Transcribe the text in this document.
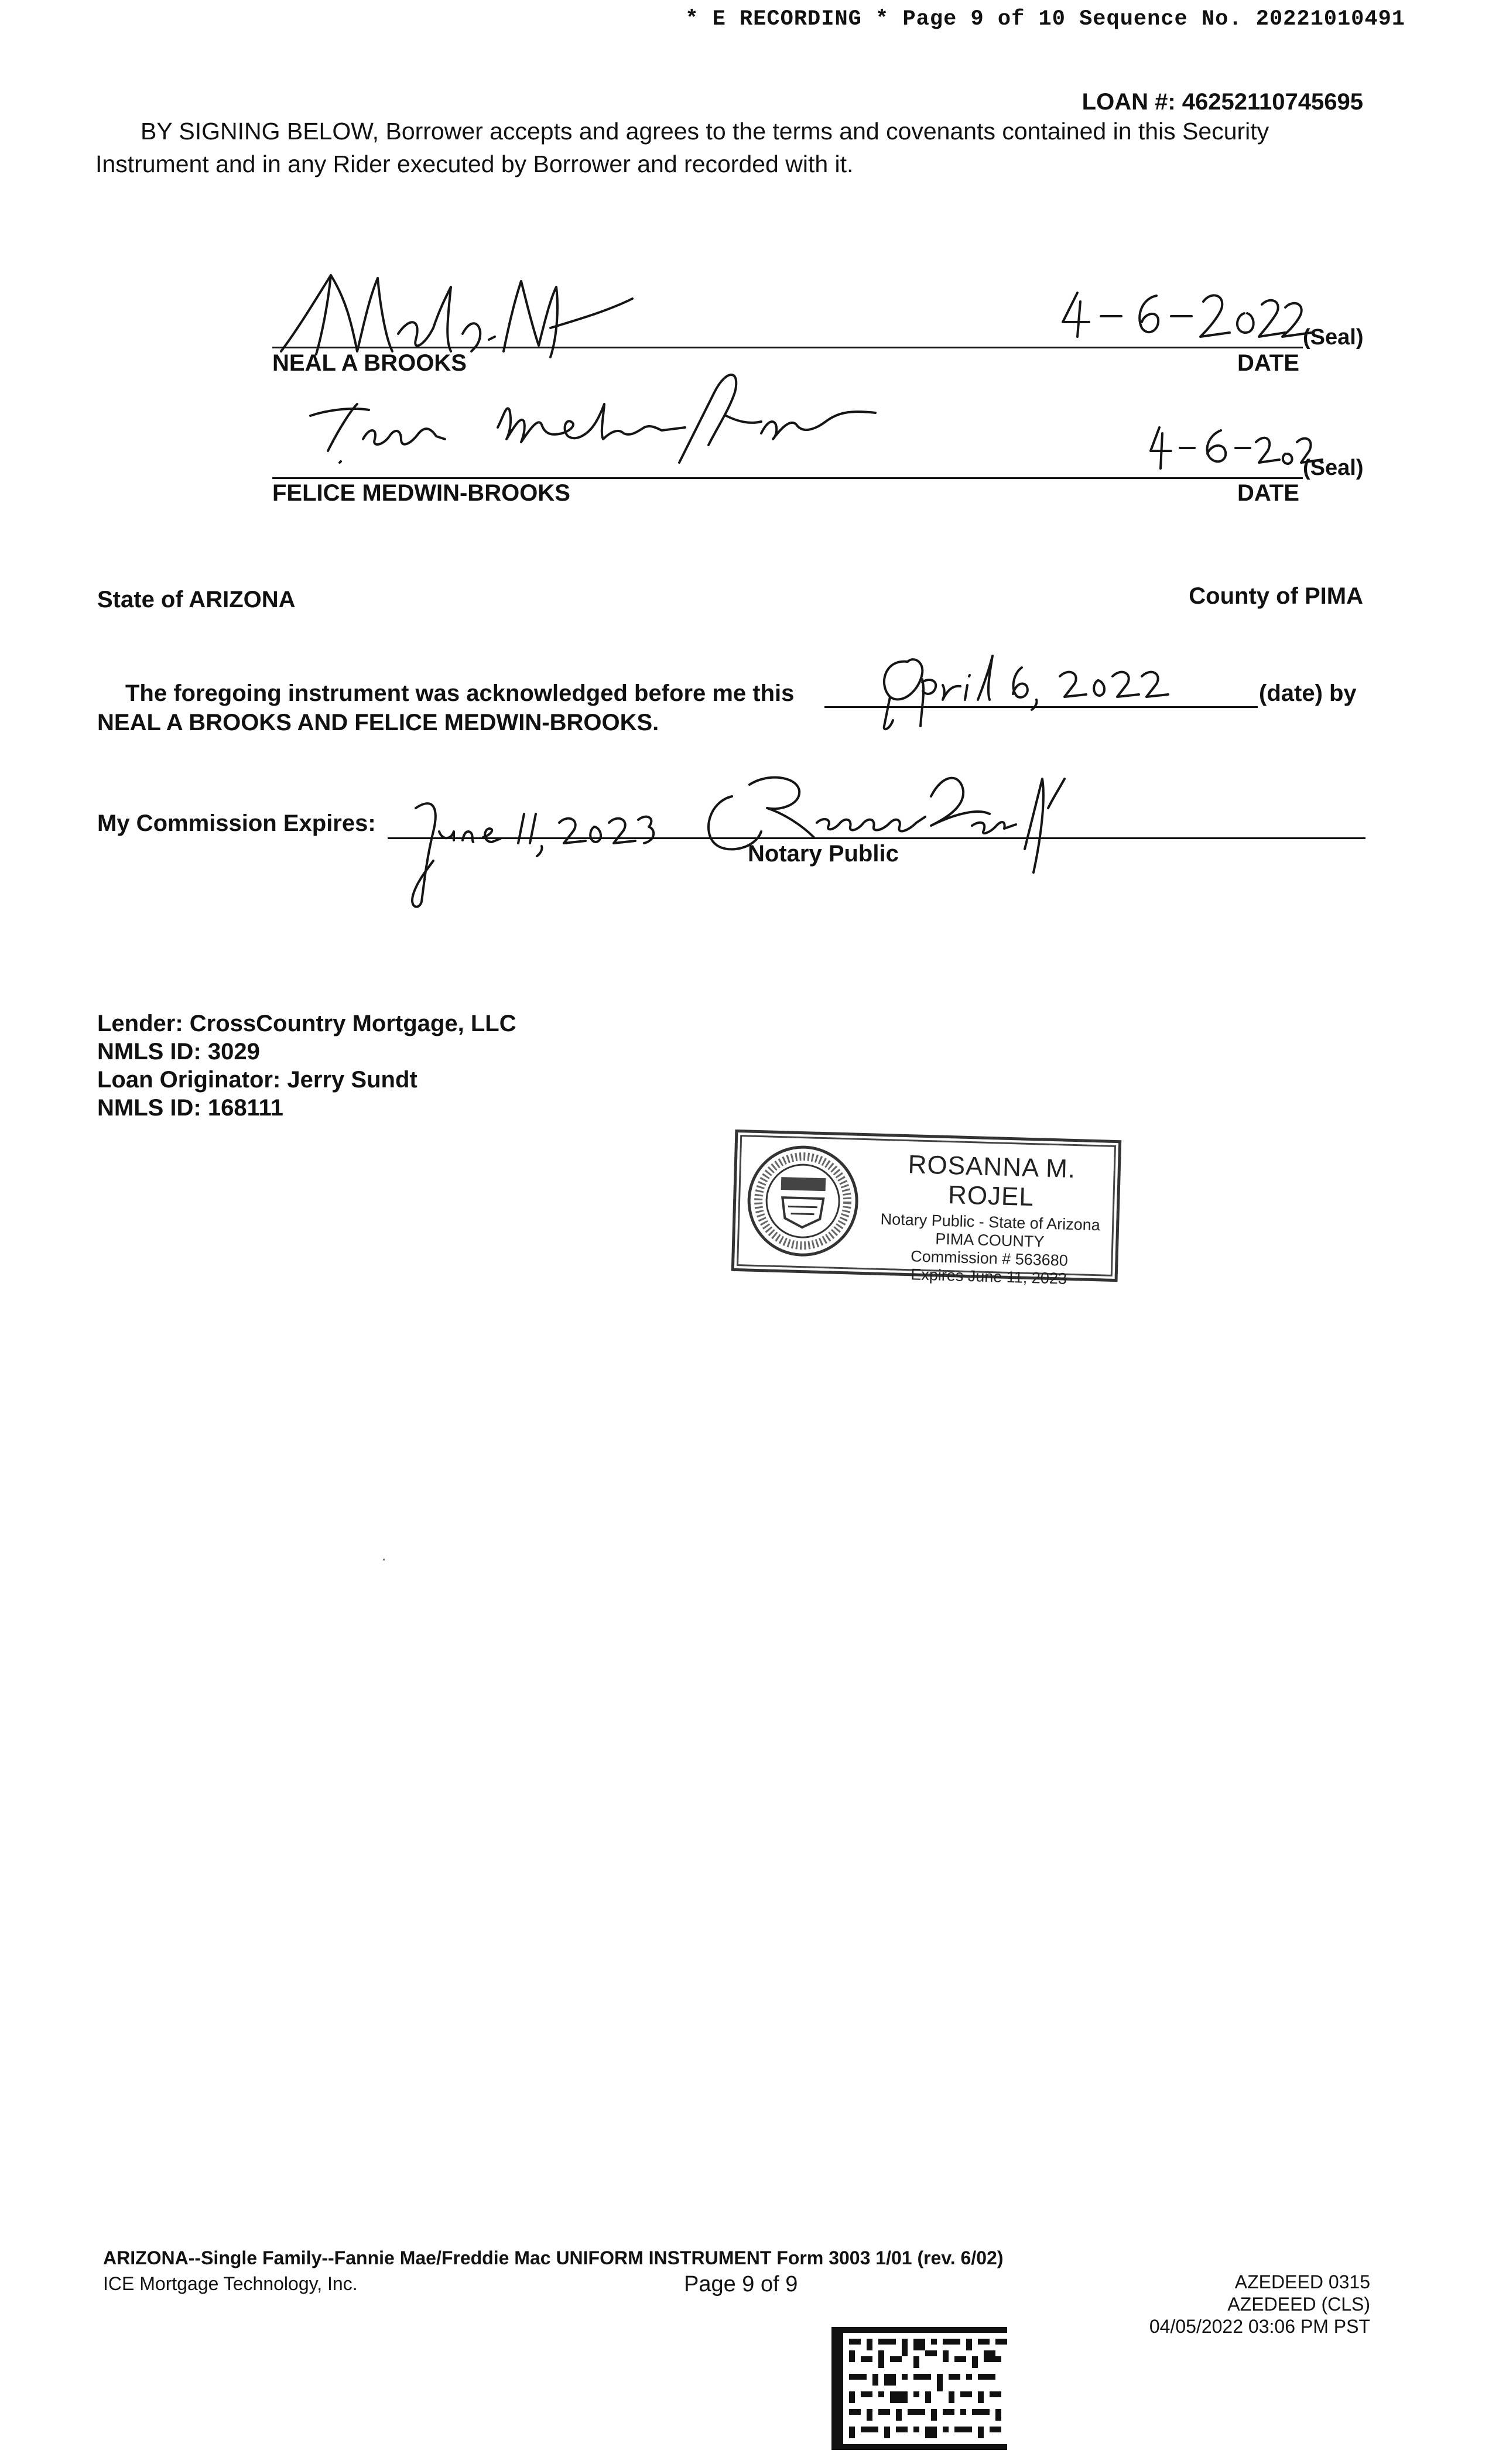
* E RECORDING * Page 9 of 10 Sequence No. 20221010491
LOAN #: 46252110745695
BY SIGNING BELOW, Borrower accepts and agrees to the terms and covenants contained in this Security
Instrument and in any Rider executed by Borrower and recorded with it.
(Seal)
NEAL A BROOKS	DATE
(Seal)
FELICE MEDWIN-BROOKS	DATE
State of ARIZONA	County of PIMA
The foregoing instrument was acknowledged before me this	(date) by
NEAL A BROOKS AND FELICE MEDWIN-BROOKS.
My Commission Expires:
Notary Public
Lender: CrossCountry Mortgage, LLC
NMLS ID: 3029
Loan Originator: Jerry Sundt
NMLS ID: 168111
ROSANNA M. ROJEL
Notary Public - State of Arizona
PIMA COUNTY
Commission # 563680
Expires June 11, 2023
ARIZONA--Single Family--Fannie Mae/Freddie Mac UNIFORM INSTRUMENT Form 3003 1/01 (rev. 6/02)
ICE Mortgage Technology, Inc.	Page 9 of 9	AZEDEED 0315
AZEDEED (CLS)
04/05/2022 03:06 PM PST
